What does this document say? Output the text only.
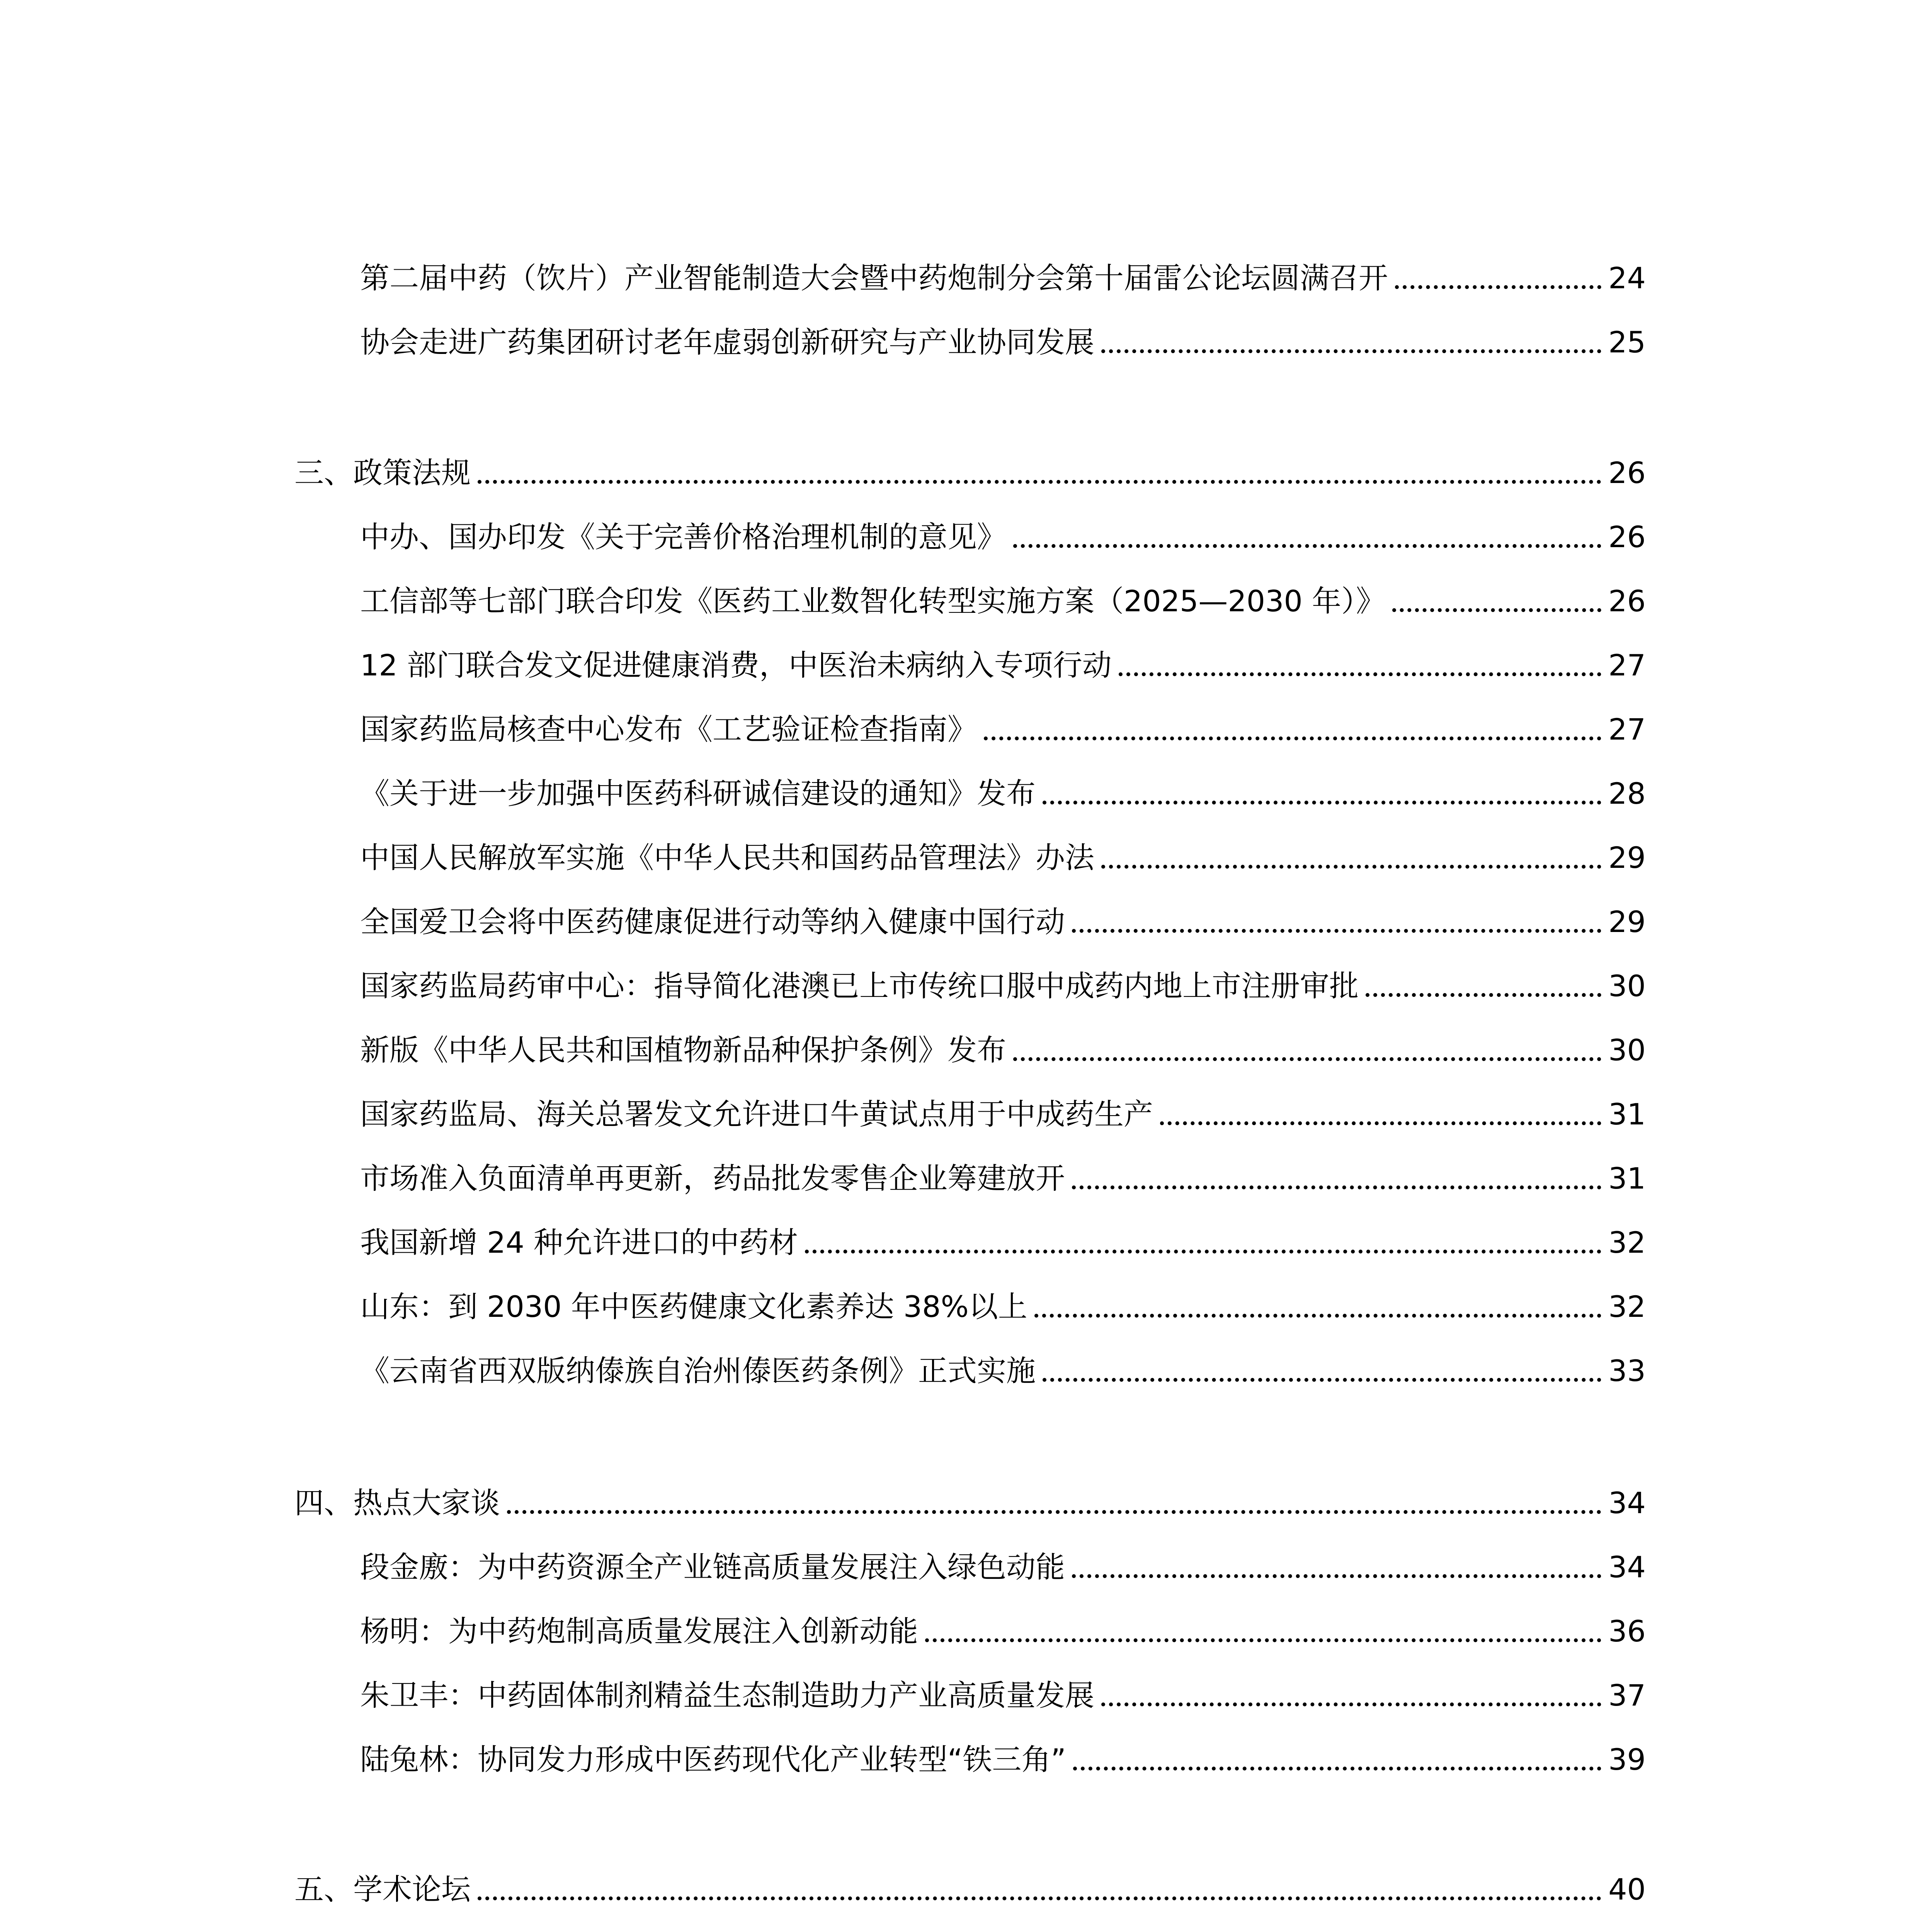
第二届中药（饮片）产业智能制造大会暨中药炮制分会第十届雷公论坛圆满召开	24
协会走进广药集团研讨老年虚弱创新研究与产业协同发展	25
三、政策法规	26
中办、国办印发《关于完善价格治理机制的意见》	26
工信部等七部门联合印发《医药工业数智化转型实施方案（2025—2030 年）》	26
12 部门联合发文促进健康消费，中医治未病纳入专项行动	27
国家药监局核查中心发布《工艺验证检查指南》	27
《关于进一步加强中医药科研诚信建设的通知》发布	28
中国人民解放军实施《中华人民共和国药品管理法》办法	29
全国爱卫会将中医药健康促进行动等纳入健康中国行动	29
国家药监局药审中心：指导简化港澳已上市传统口服中成药内地上市注册审批	30
新版《中华人民共和国植物新品种保护条例》发布	30
国家药监局、海关总署发文允许进口牛黄试点用于中成药生产	31
市场准入负面清单再更新，药品批发零售企业筹建放开	31
我国新增 24 种允许进口的中药材	32
山东：到 2030 年中医药健康文化素养达 38%以上	32
《云南省西双版纳傣族自治州傣医药条例》正式实施	33
四、热点大家谈	34
段金廒：为中药资源全产业链高质量发展注入绿色动能	34
杨明：为中药炮制高质量发展注入创新动能	36
朱卫丰：中药固体制剂精益生态制造助力产业高质量发展	37
陆兔林：协同发力形成中医药现代化产业转型“铁三角”	39
五、学术论坛	40
